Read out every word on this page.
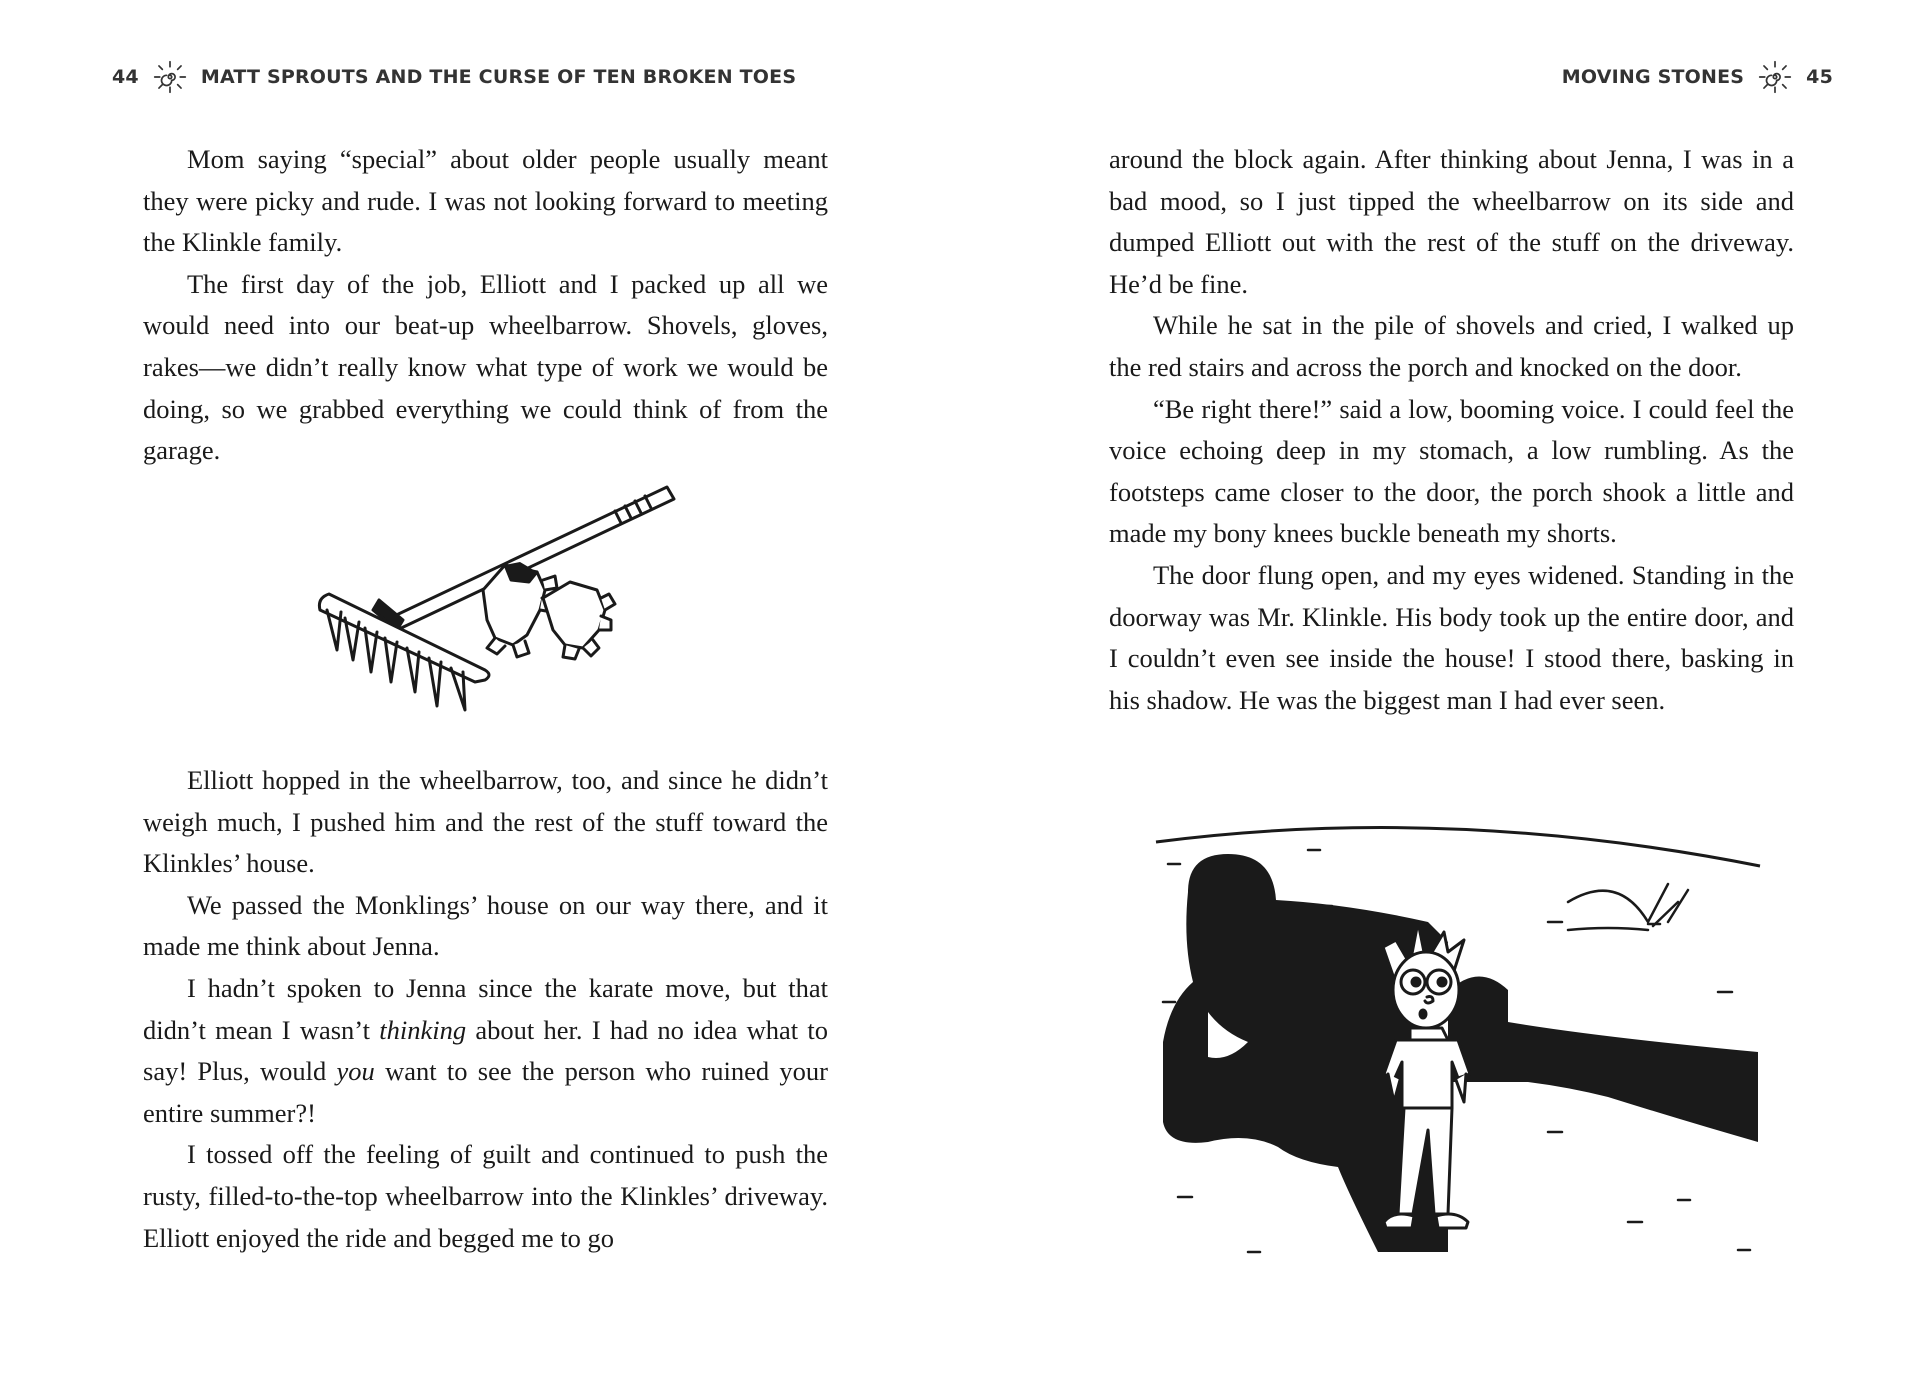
44	MATT SPROUTS AND THE CURSE OF TEN BROKEN TOES

Mom saying “special” about older people usually meant they were picky and rude. I was not looking forward to meeting the Klinkle family.

The first day of the job, Elliott and I packed up all we would need into our beat-up wheelbarrow. Shovels, gloves, rakes—we didn’t really know what type of work we would be doing, so we grabbed everything we could think of from the garage.

Elliott hopped in the wheelbarrow, too, and since he didn’t weigh much, I pushed him and the rest of the stuff toward the Klinkles’ house.

We passed the Monklings’ house on our way there, and it made me think about Jenna.

I hadn’t spoken to Jenna since the karate move, but that didn’t mean I wasn’t thinking about her. I had no idea what to say! Plus, would you want to see the person who ruined your entire summer?!

I tossed off the feeling of guilt and continued to push the rusty, filled-to-the-top wheelbarrow into the Klinkles’ driveway. Elliott enjoyed the ride and begged me to go

MOVING STONES	45

around the block again. After thinking about Jenna, I was in a bad mood, so I just tipped the wheelbarrow on its side and dumped Elliott out with the rest of the stuff on the driveway. He’d be fine.

While he sat in the pile of shovels and cried, I walked up the red stairs and across the porch and knocked on the door.

“Be right there!” said a low, booming voice. I could feel the voice echoing deep in my stomach, a low rumbling. As the footsteps came closer to the door, the porch shook a little and made my bony knees buckle beneath my shorts.

The door flung open, and my eyes widened. Standing in the doorway was Mr. Klinkle. His body took up the entire door, and I couldn’t even see inside the house! I stood there, basking in his shadow. He was the biggest man I had ever seen.
